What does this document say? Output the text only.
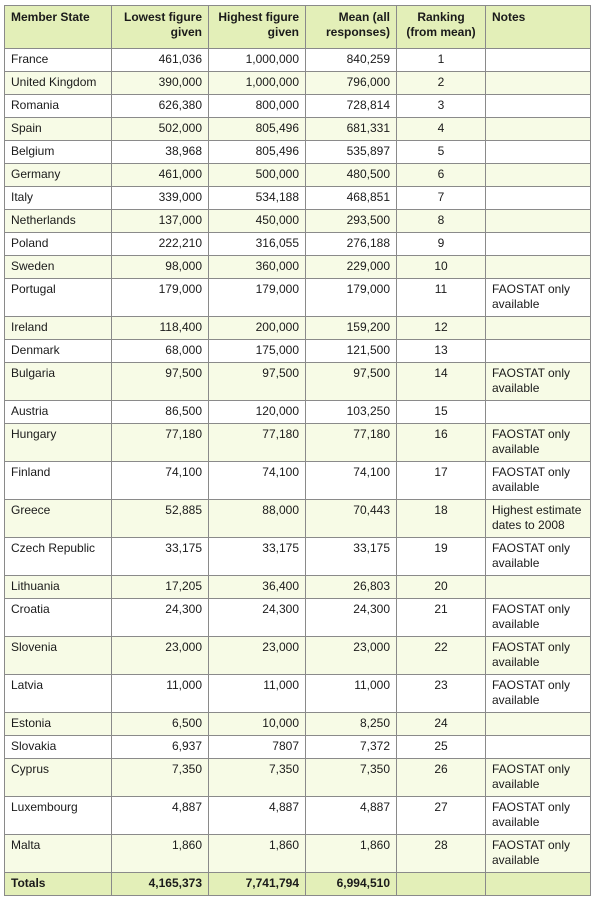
Member State	Lowest figure given	Highest figure given	Mean (all responses)	Ranking (from mean)	Notes
France	461,036	1,000,000	840,259	1	
United Kingdom	390,000	1,000,000	796,000	2	
Romania	626,380	800,000	728,814	3	
Spain	502,000	805,496	681,331	4	
Belgium	38,968	805,496	535,897	5	
Germany	461,000	500,000	480,500	6	
Italy	339,000	534,188	468,851	7	
Netherlands	137,000	450,000	293,500	8	
Poland	222,210	316,055	276,188	9	
Sweden	98,000	360,000	229,000	10	
Portugal	179,000	179,000	179,000	11	FAOSTAT only available
Ireland	118,400	200,000	159,200	12	
Denmark	68,000	175,000	121,500	13	
Bulgaria	97,500	97,500	97,500	14	FAOSTAT only available
Austria	86,500	120,000	103,250	15	
Hungary	77,180	77,180	77,180	16	FAOSTAT only available
Finland	74,100	74,100	74,100	17	FAOSTAT only available
Greece	52,885	88,000	70,443	18	Highest estimate dates to 2008
Czech Republic	33,175	33,175	33,175	19	FAOSTAT only available
Lithuania	17,205	36,400	26,803	20	
Croatia	24,300	24,300	24,300	21	FAOSTAT only available
Slovenia	23,000	23,000	23,000	22	FAOSTAT only available
Latvia	11,000	11,000	11,000	23	FAOSTAT only available
Estonia	6,500	10,000	8,250	24	
Slovakia	6,937	7807	7,372	25	
Cyprus	7,350	7,350	7,350	26	FAOSTAT only available
Luxembourg	4,887	4,887	4,887	27	FAOSTAT only available
Malta	1,860	1,860	1,860	28	FAOSTAT only available
Totals	4,165,373	7,741,794	6,994,510		
